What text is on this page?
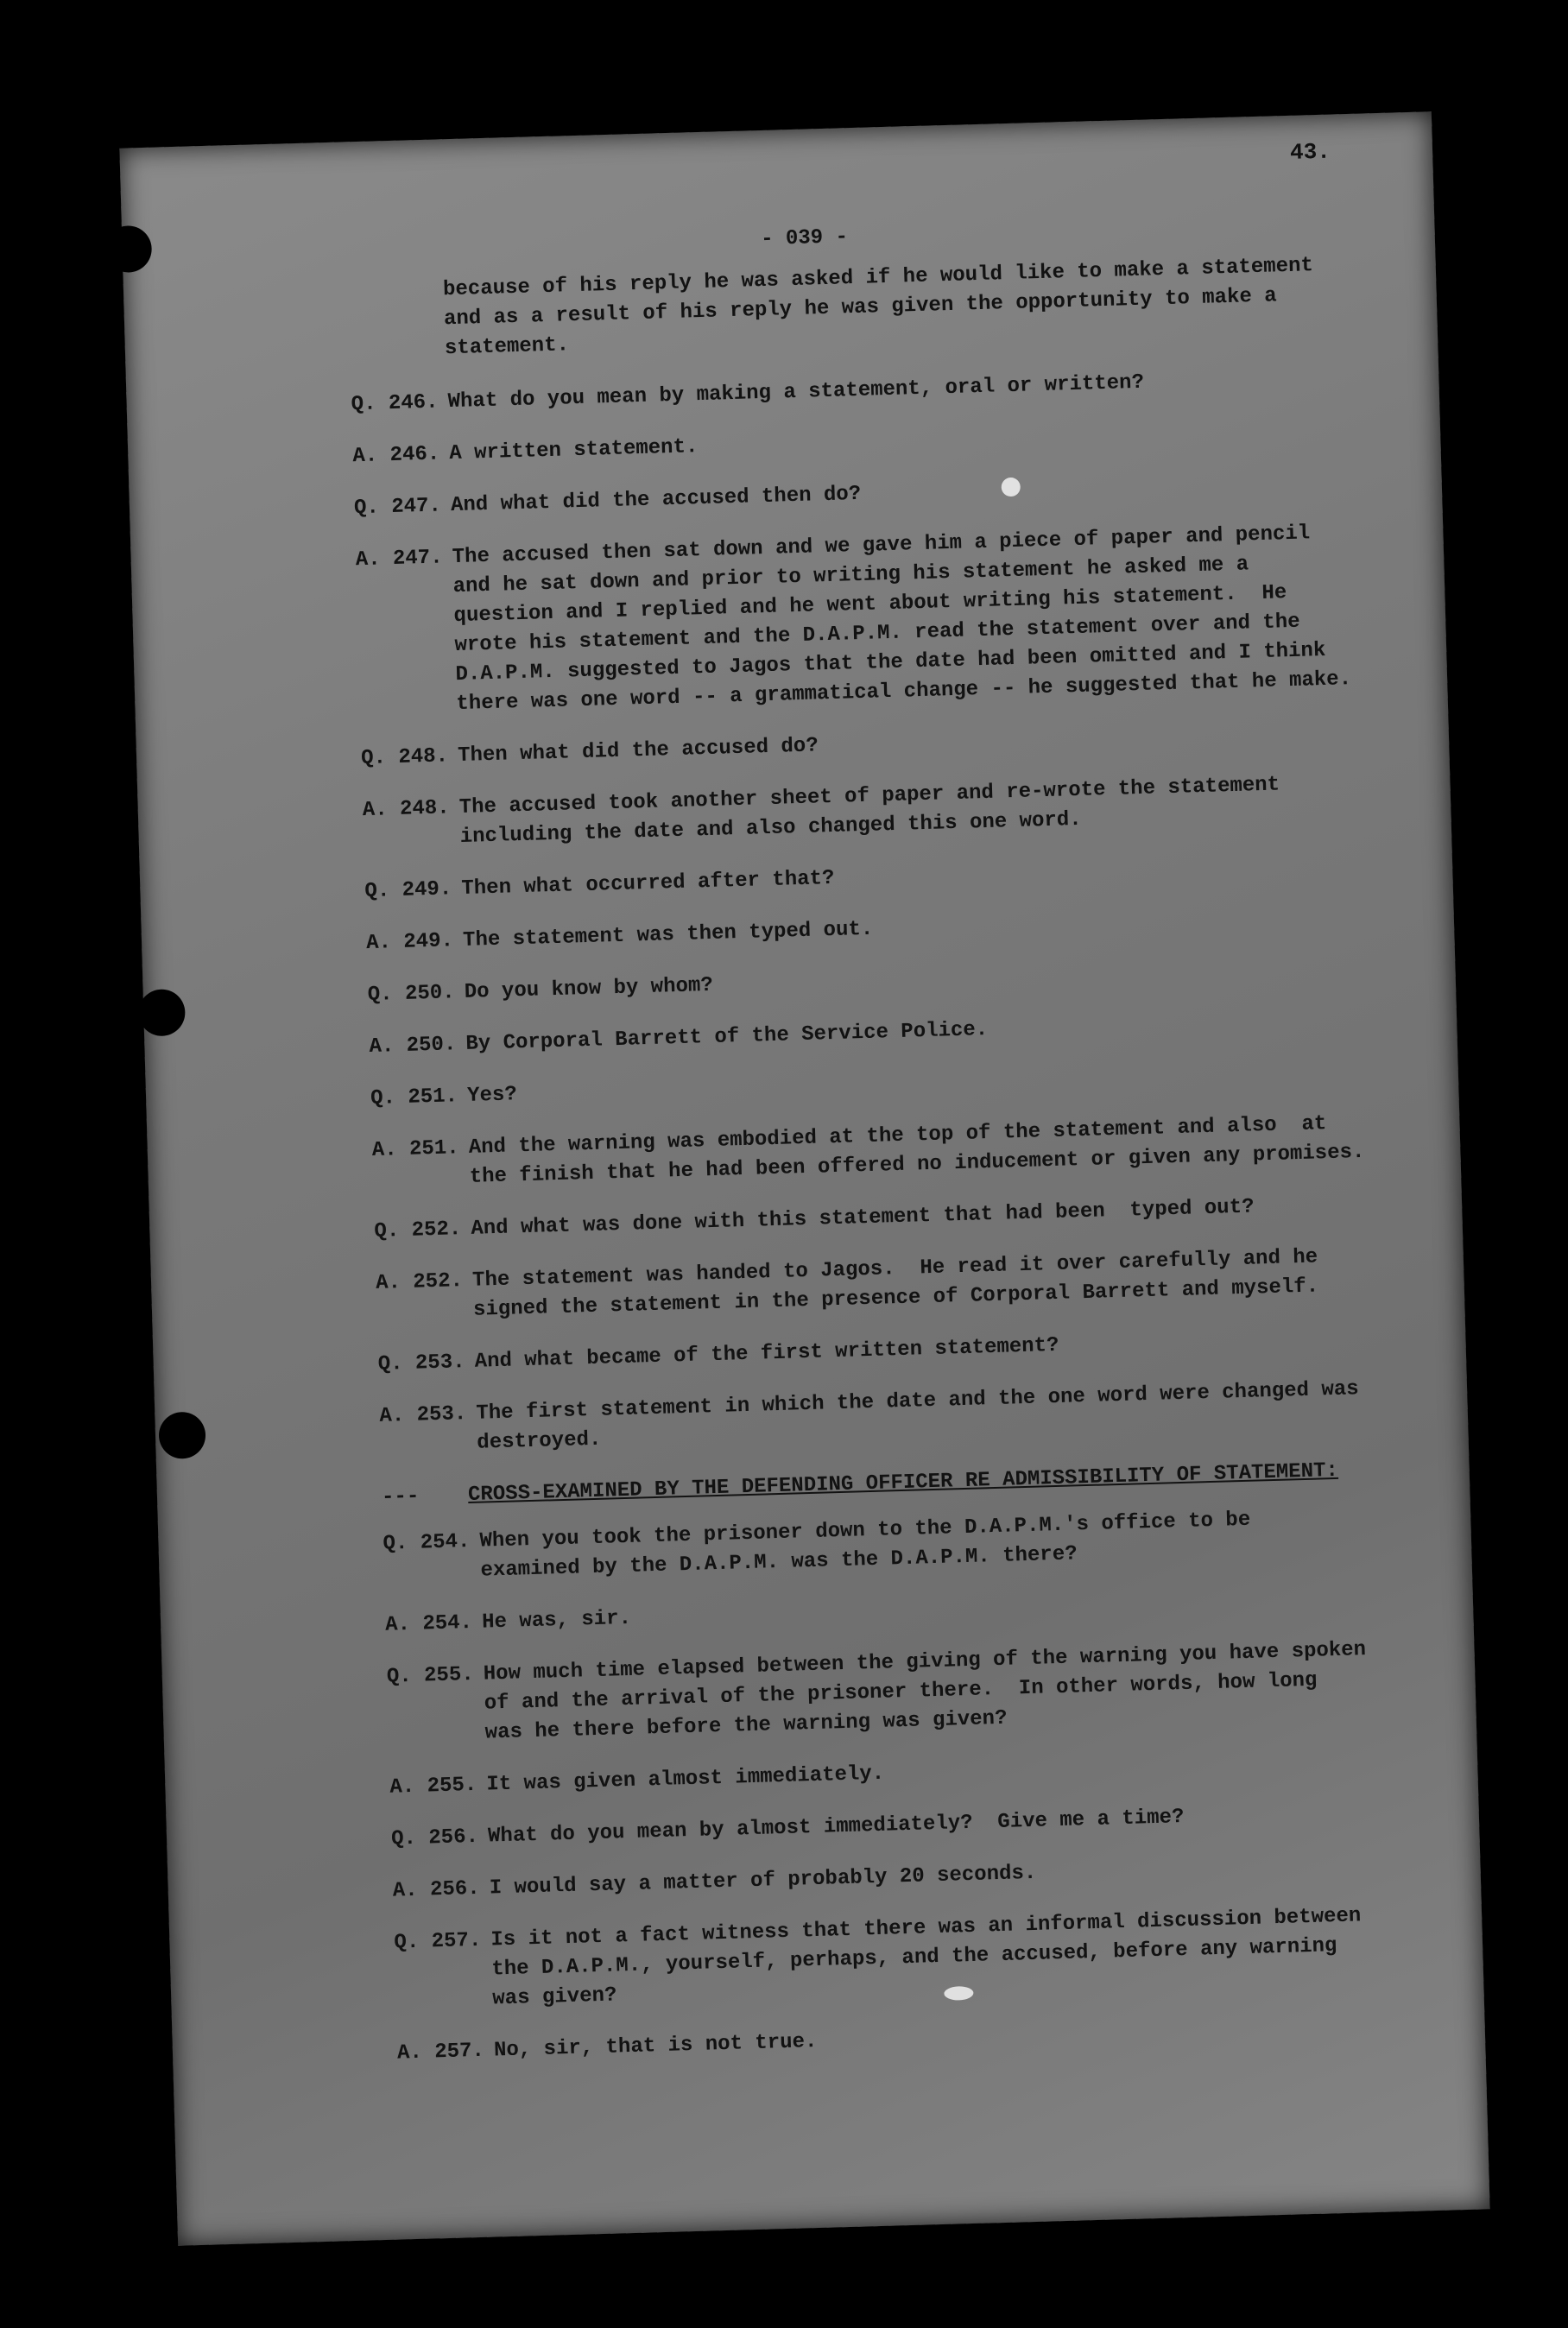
43.
- 039 -
because of his reply he was asked if he would like to make a statement
and as a result of his reply he was given the opportunity to make a
statement.
Q. 246. What do you mean by making a statement, oral or written?
A. 246. A written statement.
Q. 247. And what did the accused then do?
A. 247. The accused then sat down and we gave him a piece of paper and pencil
and he sat down and prior to writing his statement he asked me a
question and I replied and he went about writing his statement.  He
wrote his statement and the D.A.P.M. read the statement over and the
D.A.P.M. suggested to Jagos that the date had been omitted and I think
there was one word -- a grammatical change -- he suggested that he make.
Q. 248. Then what did the accused do?
A. 248. The accused took another sheet of paper and re-wrote the statement
including the date and also changed this one word.
Q. 249. Then what occurred after that?
A. 249. The statement was then typed out.
Q. 250. Do you know by whom?
A. 250. By Corporal Barrett of the Service Police.
Q. 251. Yes?
A. 251. And the warning was embodied at the top of the statement and also  at
the finish that he had been offered no inducement or given any promises.
Q. 252. And what was done with this statement that had been  typed out?
A. 252. The statement was handed to Jagos.  He read it over carefully and he
signed the statement in the presence of Corporal Barrett and myself.
Q. 253. And what became of the first written statement?
A. 253. The first statement in which the date and the one word were changed was
destroyed.
---	CROSS-EXAMINED BY THE DEFENDING OFFICER RE ADMISSIBILITY OF STATEMENT:
Q. 254. When you took the prisoner down to the D.A.P.M.'s office to be
examined by the D.A.P.M. was the D.A.P.M. there?
A. 254. He was, sir.
Q. 255. How much time elapsed between the giving of the warning you have spoken
of and the arrival of the prisoner there.  In other words, how long
was he there before the warning was given?
A. 255. It was given almost immediately.
Q. 256. What do you mean by almost immediately?  Give me a time?
A. 256. I would say a matter of probably 20 seconds.
Q. 257. Is it not a fact witness that there was an informal discussion between
the D.A.P.M., yourself, perhaps, and the accused, before any warning
was given?
A. 257. No, sir, that is not true.
